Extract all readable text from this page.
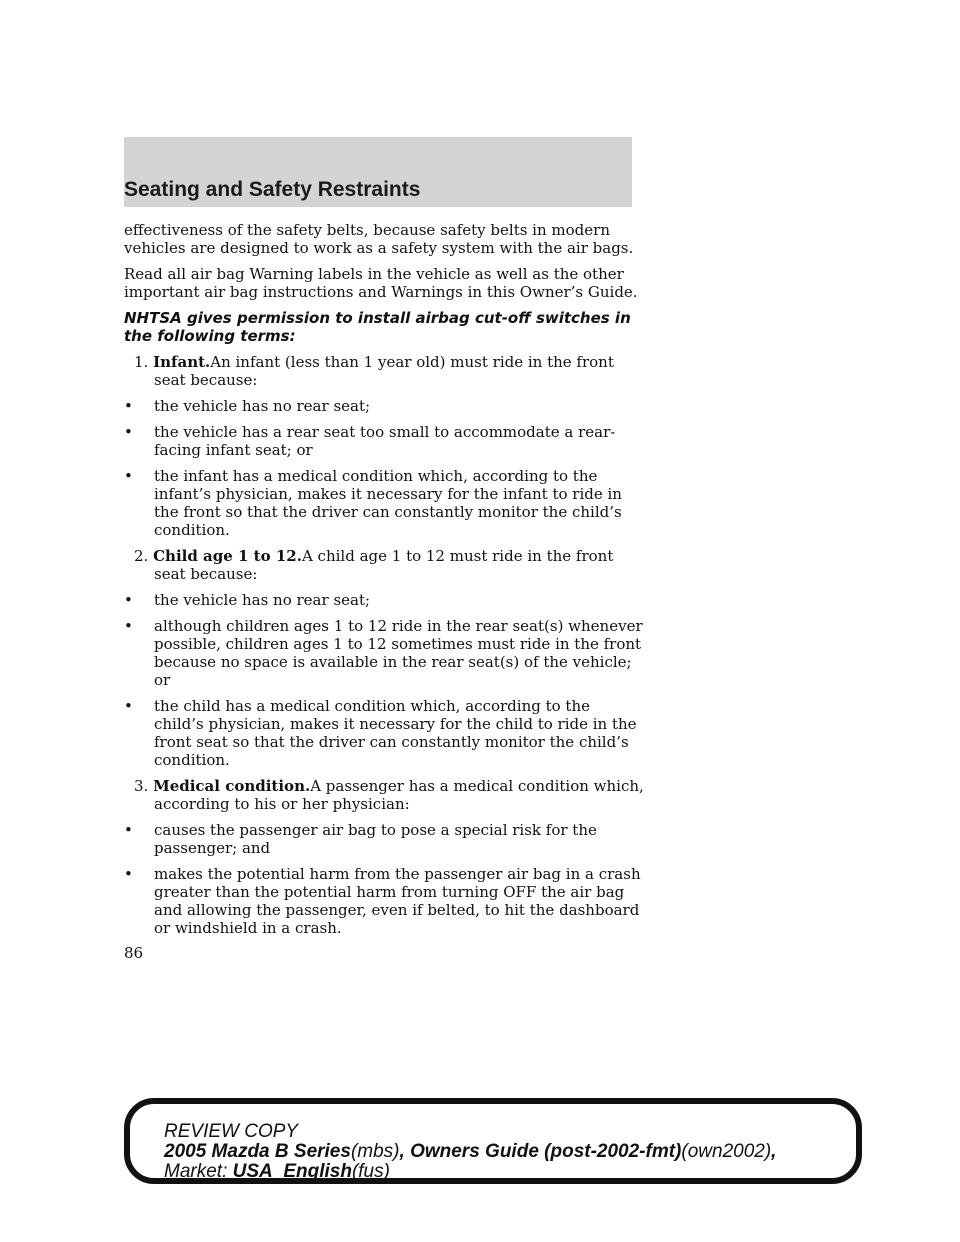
Seating and Safety Restraints

effectiveness of the safety belts, because safety belts in modern vehicles are designed to work as a safety system with the air bags.

Read all air bag Warning labels in the vehicle as well as the other important air bag instructions and Warnings in this Owner’s Guide.

NHTSA gives permission to install airbag cut-off switches in the following terms:

1. Infant.An infant (less than 1 year old) must ride in the front seat because:

• the vehicle has no rear seat;

• the vehicle has a rear seat too small to accommodate a rear-facing infant seat; or

• the infant has a medical condition which, according to the infant’s physician, makes it necessary for the infant to ride in the front so that the driver can constantly monitor the child’s condition.

2. Child age 1 to 12.A child age 1 to 12 must ride in the front seat because:

• the vehicle has no rear seat;

• although children ages 1 to 12 ride in the rear seat(s) whenever possible, children ages 1 to 12 sometimes must ride in the front because no space is available in the rear seat(s) of the vehicle; or

• the child has a medical condition which, according to the child’s physician, makes it necessary for the child to ride in the front seat so that the driver can constantly monitor the child’s condition.

3. Medical condition.A passenger has a medical condition which, according to his or her physician:

• causes the passenger air bag to pose a special risk for the passenger; and

• makes the potential harm from the passenger air bag in a crash greater than the potential harm from turning OFF the air bag and allowing the passenger, even if belted, to hit the dashboard or windshield in a crash.

86
REVIEW COPY
2005 Mazda B Series(mbs), Owners Guide (post-2002-fmt)(own2002),
Market: USA_English(fus)
